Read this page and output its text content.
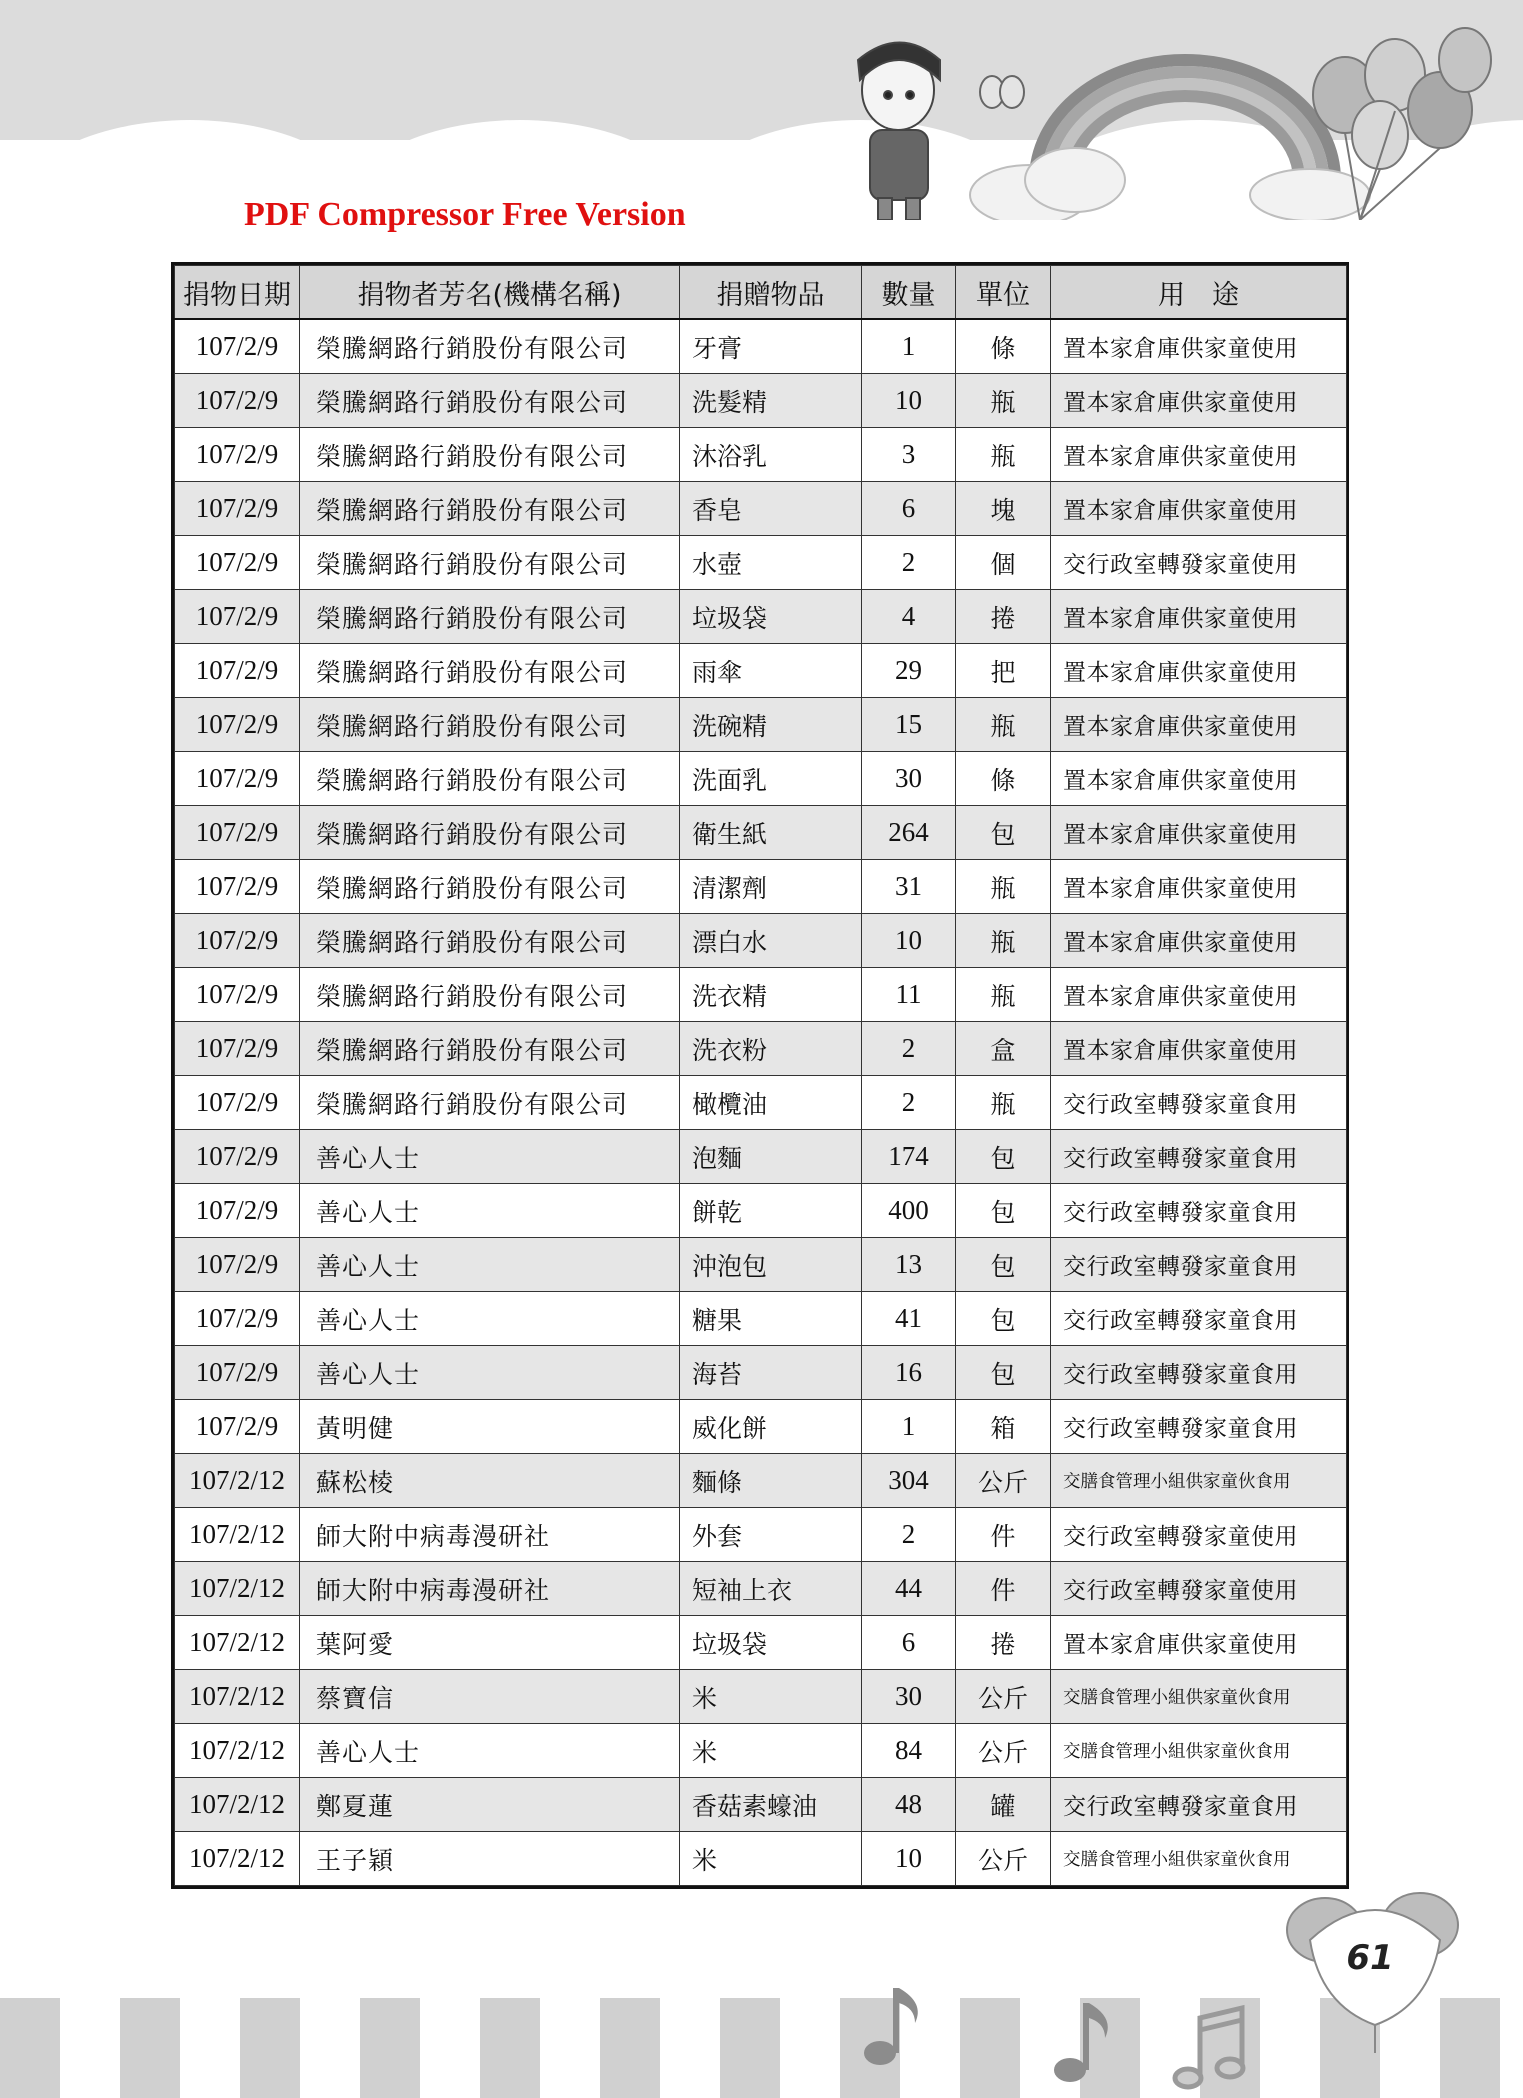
PDF Compressor Free Version
捐物日期	捐物者芳名(機構名稱)	捐贈物品	數量	單位	用　途
107/2/9	榮騰網路行銷股份有限公司	牙膏	1	條	置本家倉庫供家童使用
107/2/9	榮騰網路行銷股份有限公司	洗髮精	10	瓶	置本家倉庫供家童使用
107/2/9	榮騰網路行銷股份有限公司	沐浴乳	3	瓶	置本家倉庫供家童使用
107/2/9	榮騰網路行銷股份有限公司	香皂	6	塊	置本家倉庫供家童使用
107/2/9	榮騰網路行銷股份有限公司	水壺	2	個	交行政室轉發家童使用
107/2/9	榮騰網路行銷股份有限公司	垃圾袋	4	捲	置本家倉庫供家童使用
107/2/9	榮騰網路行銷股份有限公司	雨傘	29	把	置本家倉庫供家童使用
107/2/9	榮騰網路行銷股份有限公司	洗碗精	15	瓶	置本家倉庫供家童使用
107/2/9	榮騰網路行銷股份有限公司	洗面乳	30	條	置本家倉庫供家童使用
107/2/9	榮騰網路行銷股份有限公司	衛生紙	264	包	置本家倉庫供家童使用
107/2/9	榮騰網路行銷股份有限公司	清潔劑	31	瓶	置本家倉庫供家童使用
107/2/9	榮騰網路行銷股份有限公司	漂白水	10	瓶	置本家倉庫供家童使用
107/2/9	榮騰網路行銷股份有限公司	洗衣精	11	瓶	置本家倉庫供家童使用
107/2/9	榮騰網路行銷股份有限公司	洗衣粉	2	盒	置本家倉庫供家童使用
107/2/9	榮騰網路行銷股份有限公司	橄欖油	2	瓶	交行政室轉發家童食用
107/2/9	善心人士	泡麵	174	包	交行政室轉發家童食用
107/2/9	善心人士	餅乾	400	包	交行政室轉發家童食用
107/2/9	善心人士	沖泡包	13	包	交行政室轉發家童食用
107/2/9	善心人士	糖果	41	包	交行政室轉發家童食用
107/2/9	善心人士	海苔	16	包	交行政室轉發家童食用
107/2/9	黃明健	威化餅	1	箱	交行政室轉發家童食用
107/2/12	蘇松棱	麵條	304	公斤	交膳食管理小組供家童伙食用
107/2/12	師大附中病毒漫研社	外套	2	件	交行政室轉發家童使用
107/2/12	師大附中病毒漫研社	短袖上衣	44	件	交行政室轉發家童使用
107/2/12	葉阿愛	垃圾袋	6	捲	置本家倉庫供家童使用
107/2/12	蔡寶信	米	30	公斤	交膳食管理小組供家童伙食用
107/2/12	善心人士	米	84	公斤	交膳食管理小組供家童伙食用
107/2/12	鄭夏蓮	香菇素蠔油	48	罐	交行政室轉發家童食用
107/2/12	王子穎	米	10	公斤	交膳食管理小組供家童伙食用
61
